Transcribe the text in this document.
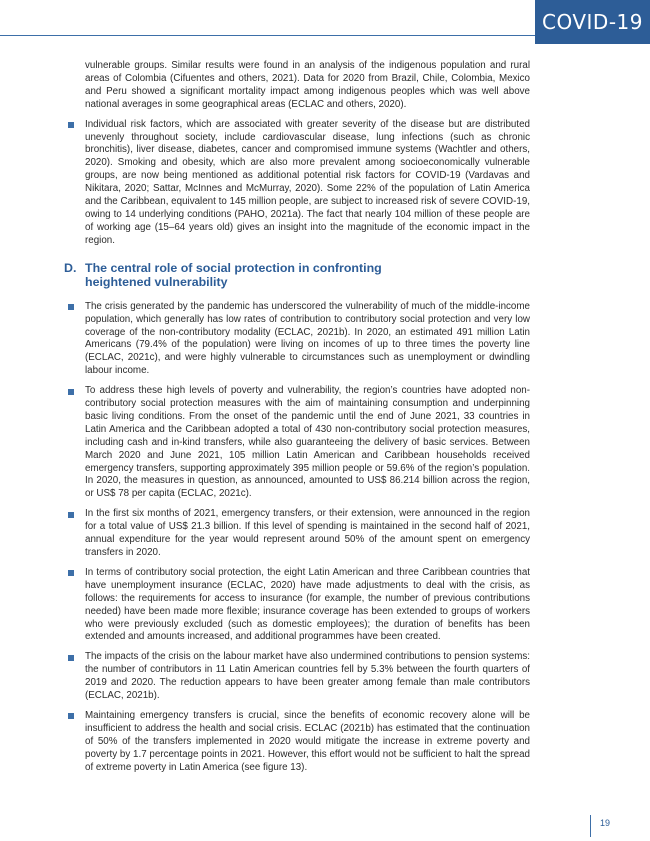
COVID-19

vulnerable groups. Similar results were found in an analysis of the indigenous population and rural areas of Colombia (Cifuentes and others, 2021). Data for 2020 from Brazil, Chile, Colombia, Mexico and Peru showed a significant mortality impact among indigenous peoples which was well above national averages in some geographical areas (ECLAC and others, 2020).

Individual risk factors, which are associated with greater severity of the disease but are distributed unevenly throughout society, include cardiovascular disease, lung infections (such as chronic bronchitis), liver disease, diabetes, cancer and compromised immune systems (Wachtler and others, 2020). Smoking and obesity, which are also more prevalent among socioeconomically vulnerable groups, are now being mentioned as additional potential risk factors for COVID-19 (Vardavas and Nikitara, 2020; Sattar, McInnes and McMurray, 2020). Some 22% of the population of Latin America and the Caribbean, equivalent to 145 million people, are subject to increased risk of severe COVID-19, owing to 14 underlying conditions (PAHO, 2021a). The fact that nearly 104 million of these people are of working age (15–64 years old) gives an insight into the magnitude of the economic impact in the region.
D. The central role of social protection in confronting heightened vulnerability
The crisis generated by the pandemic has underscored the vulnerability of much of the middle-income population, which generally has low rates of contribution to contributory social protection and very low coverage of the non-contributory modality (ECLAC, 2021b). In 2020, an estimated 491 million Latin Americans (79.4% of the population) were living on incomes of up to three times the poverty line (ECLAC, 2021c), and were highly vulnerable to circumstances such as unemployment or dwindling labour income.
To address these high levels of poverty and vulnerability, the region’s countries have adopted non-contributory social protection measures with the aim of maintaining consumption and underpinning basic living conditions. From the onset of the pandemic until the end of June 2021, 33 countries in Latin America and the Caribbean adopted a total of 430 non-contributory social protection measures, including cash and in-kind transfers, while also guaranteeing the delivery of basic services. Between March 2020 and June 2021, 105 million Latin American and Caribbean households received emergency transfers, supporting approximately 395 million people or 59.6% of the region’s population. In 2020, the measures in question, as announced, amounted to US$ 86.214 billion across the region, or US$ 78 per capita (ECLAC, 2021c).
In the first six months of 2021, emergency transfers, or their extension, were announced in the region for a total value of US$ 21.3 billion. If this level of spending is maintained in the second half of 2021, annual expenditure for the year would represent around 50% of the amount spent on emergency transfers in 2020.
In terms of contributory social protection, the eight Latin American and three Caribbean countries that have unemployment insurance (ECLAC, 2020) have made adjustments to deal with the crisis, as follows: the requirements for access to insurance (for example, the number of previous contributions needed) have been made more flexible; insurance coverage has been extended to groups of workers who were previously excluded (such as domestic employees); the duration of benefits has been extended and amounts increased, and additional programmes have been created.
The impacts of the crisis on the labour market have also undermined contributions to pension systems: the number of contributors in 11 Latin American countries fell by 5.3% between the fourth quarters of 2019 and 2020. The reduction appears to have been greater among female than male contributors (ECLAC, 2021b).
Maintaining emergency transfers is crucial, since the benefits of economic recovery alone will be insufficient to address the health and social crisis. ECLAC (2021b) has estimated that the continuation of 50% of the transfers implemented in 2020 would mitigate the increase in extreme poverty and poverty by 1.7 percentage points in 2021. However, this effort would not be sufficient to halt the spread of extreme poverty in Latin America (see figure 13).
19
